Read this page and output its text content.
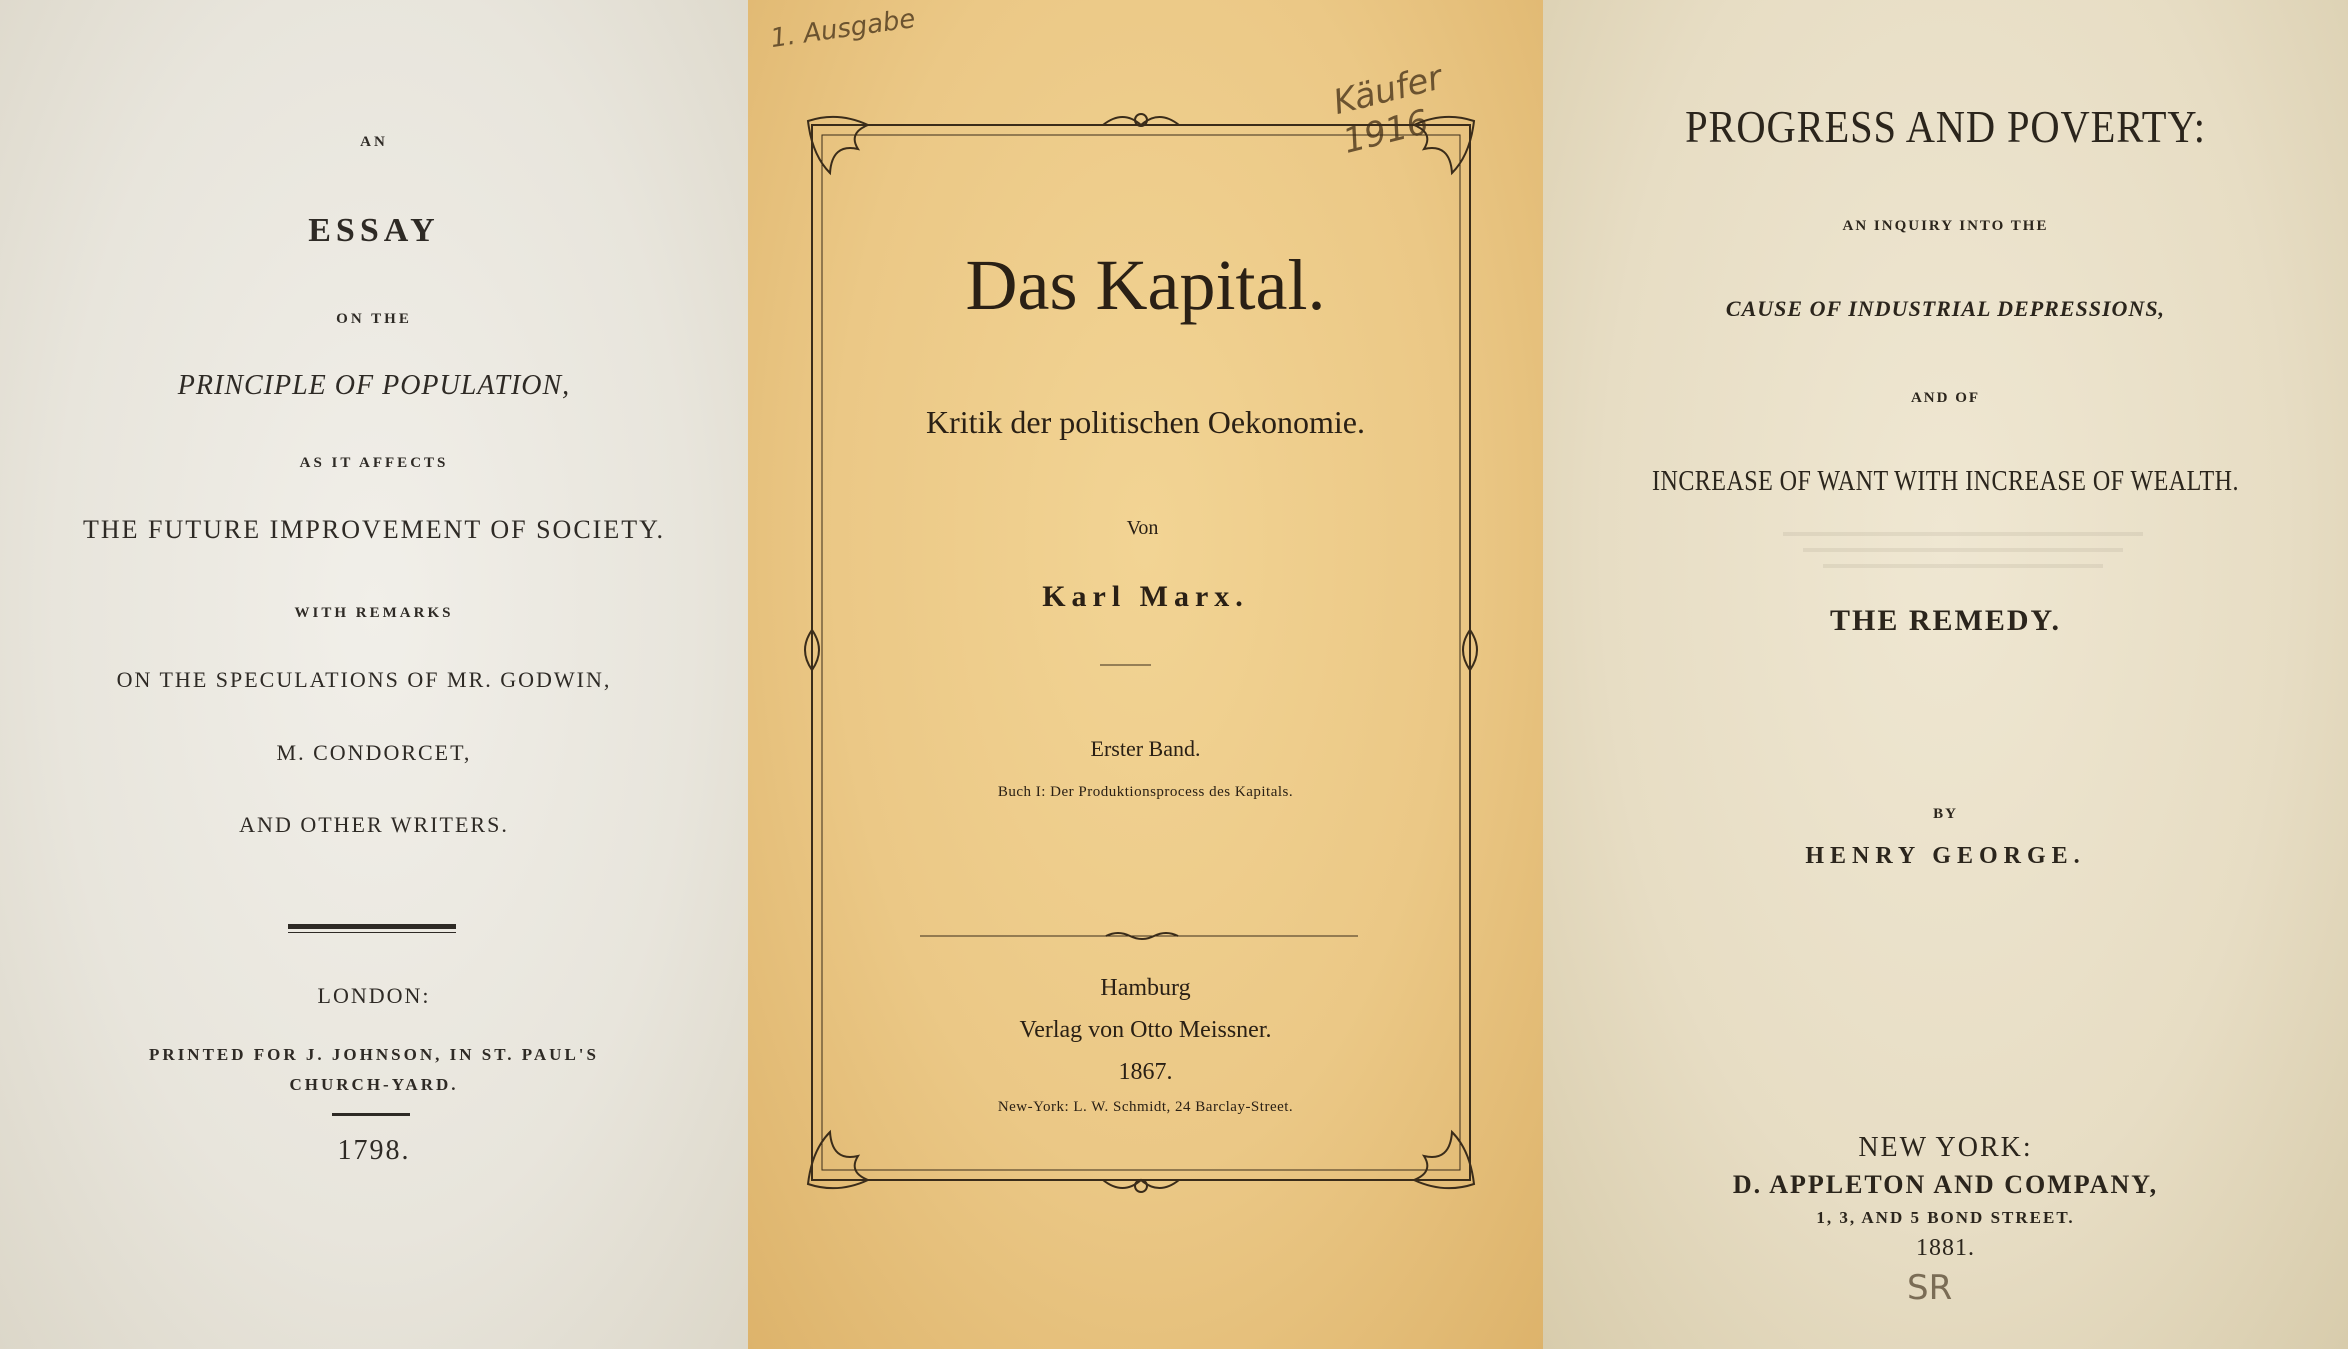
AN
ESSAY
ON THE
PRINCIPLE OF POPULATION,
AS IT AFFECTS
THE FUTURE IMPROVEMENT OF SOCIETY.
WITH REMARKS
ON THE SPECULATIONS OF MR. GODWIN,
M. CONDORCET,
AND OTHER WRITERS.
LONDON:
PRINTED FOR J. JOHNSON, IN ST. PAUL'S
CHURCH-YARD.
1798.
1. Ausgabe
Käufer 1916
Das Kapital.
Kritik der politischen Oekonomie.
Von
Karl Marx.
Erster Band.
Buch I: Der Produktionsprocess des Kapitals.
Hamburg
Verlag von Otto Meissner.
1867.
New-York: L. W. Schmidt, 24 Barclay-Street.
PROGRESS AND POVERTY:
AN INQUIRY INTO THE
CAUSE OF INDUSTRIAL DEPRESSIONS,
AND OF
INCREASE OF WANT WITH INCREASE OF WEALTH.
THE REMEDY.
BY
HENRY GEORGE.
NEW YORK:
D. APPLETON AND COMPANY,
1, 3, AND 5 BOND STREET.
1881.
SR
